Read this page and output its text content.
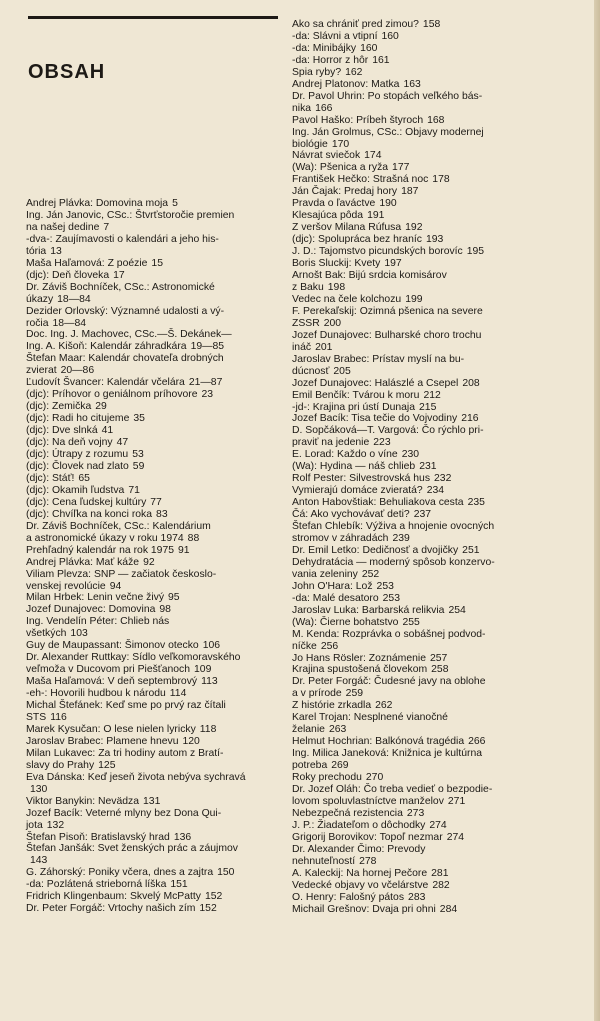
OBSAH
Andrej Plávka: Domovina moja 5
Ing. Ján Janovic, CSc.: Štvrťstoročie premien
na našej dedine 7
-dva-: Zaujímavosti o kalendári a jeho his-
tória 13
Maša Haľamová: Z poézie 15
(djc): Deň človeka 17
Dr. Záviš Bochníček, CSc.: Astronomické
úkazy 18—84
Dezider Orlovský: Významné udalosti a vý-
ročia 18—84
Doc. Ing. J. Machovec, CSc.—Š. Dekánek—
Ing. A. Kišoň: Kalendár záhradkára 19—85
Štefan Maar: Kalendár chovateľa drobných
zvierat 20—86
Ľudovít Švancer: Kalendár včelára 21—87
(djc): Príhovor o geniálnom príhovore 23
(djc): Zemička 29
(djc): Radi ho citujeme 35
(djc): Dve slnká 41
(djc): Na deň vojny 47
(djc): Útrapy z rozumu 53
(djc): Človek nad zlato 59
(djc): Stáť! 65
(djc): Okamih ľudstva 71
(djc): Cena ľudskej kultúry 77
(djc): Chvíľka na konci roka 83
Dr. Záviš Bochníček, CSc.: Kalendárium
a astronomické úkazy v roku 1974 88
Prehľadný kalendár na rok 1975 91
Andrej Plávka: Mať káže 92
Viliam Plevza: SNP — začiatok českoslo-
venskej revolúcie 94
Milan Hrbek: Lenin večne živý 95
Jozef Dunajovec: Domovina 98
Ing. Vendelín Péter: Chlieb nás
všetkých 103
Guy de Maupassant: Šimonov otecko 106
Dr. Alexander Ruttkay: Sídlo veľkomoravského
veľmoža v Ducovom pri Piešťanoch 109
Maša Haľamová: V deň septembrový 113
-eh-: Hovorili hudbou k národu 114
Michal Štefánek: Keď sme po prvý raz čítali
STS 116
Marek Kysučan: O lese nielen lyricky 118
Jaroslav Brabec: Plamene hnevu 120
Milan Lukavec: Za tri hodiny autom z Bratí-
slavy do Prahy 125
Eva Dánska: Keď jeseň života nebýva sychravá
130
Viktor Banykin: Nevädza 131
Jozef Bacík: Veterné mlyny bez Dona Qui-
jota 132
Štefan Pisoň: Bratislavský hrad 136
Štefan Janšák: Svet ženských prác a záujmov
143
G. Záhorský: Poniky včera, dnes a zajtra 150
-da: Pozlátená strieborná líška 151
Fridrich Klingenbaum: Skvelý McPatty 152
Dr. Peter Forgáč: Vrtochy našich zím 152
Ako sa chrániť pred zimou? 158
-da: Slávni a vtipní 160
-da: Minibájky 160
-da: Horror z hôr 161
Spia ryby? 162
Andrej Platonov: Matka 163
Dr. Pavol Uhrin: Po stopách veľkého bás-
nika 166
Pavol Haško: Príbeh štyroch 168
Ing. Ján Grolmus, CSc.: Objavy modernej
biológie 170
Návrat sviečok 174
(Wa): Pšenica a ryža 177
František Hečko: Strašná noc 178
Ján Čajak: Predaj hory 187
Pravda o ľaváctve 190
Klesajúca pôda 191
Z veršov Milana Rúfusa 192
(djc): Spolupráca bez hraníc 193
J. D.: Tajomstvo picundských borovíc 195
Boris Sluckij: Kvety 197
Arnošt Bak: Bijú srdcia komisárov
z Baku 198
Vedec na čele kolchozu 199
F. Perekaľskij: Ozimná pšenica na severe
ZSSR 200
Jozef Dunajovec: Bulharské choro trochu
ináč 201
Jaroslav Brabec: Prístav myslí na bu-
dúcnosť 205
Jozef Dunajovec: Halászlé a Csepel 208
Emil Benčík: Tvárou k moru 212
-jd-: Krajina pri ústí Dunaja 215
Jozef Bacík: Tisa tečie do Vojvodiny 216
D. Sopčáková—T. Vargová: Čo rýchlo pri-
praviť na jedenie 223
E. Lorad: Každo o víne 230
(Wa): Hydina — náš chlieb 231
Rolf Pester: Silvestrovská hus 232
Vymierajú domáce zvieratá? 234
Anton Habovštiak: Behuliakova cesta 235
Čá: Ako vychovávať deti? 237
Štefan Chlebík: Výživa a hnojenie ovocných
stromov v záhradách 239
Dr. Emil Letko: Dedičnosť a dvojičky 251
Dehydratácia — moderný spôsob konzervo-
vania zeleniny 252
John O'Hara: Lož 253
-da: Malé desatoro 253
Jaroslav Luka: Barbarská relikvia 254
(Wa): Čierne bohatstvo 255
M. Kenda: Rozprávka o sobášnej podvod-
níčke 256
Jo Hans Rösler: Zoznámenie 257
Krajina spustošená človekom 258
Dr. Peter Forgáč: Čudesné javy na oblohe
a v prírode 259
Z histórie zrkadla 262
Karel Trojan: Nesplnené vianočné
želanie 263
Helmut Hochrian: Balkónová tragédia 266
Ing. Milica Janeková: Knižnica je kultúrna
potreba 269
Roky prechodu 270
Dr. Jozef Oláh: Čo treba vedieť o bezpodie-
lovom spoluvlastníctve manželov 271
Nebezpečná rezistencia 273
J. P.: Žiadateľom o dôchodky 274
Grigorij Borovikov: Topoľ nezmar 274
Dr. Alexander Čimo: Prevody
nehnuteľností 278
A. Kaleckij: Na hornej Pečore 281
Vedecké objavy vo včelárstve 282
O. Henry: Falošný pátos 283
Michail Grešnov: Dvaja pri ohni 284
